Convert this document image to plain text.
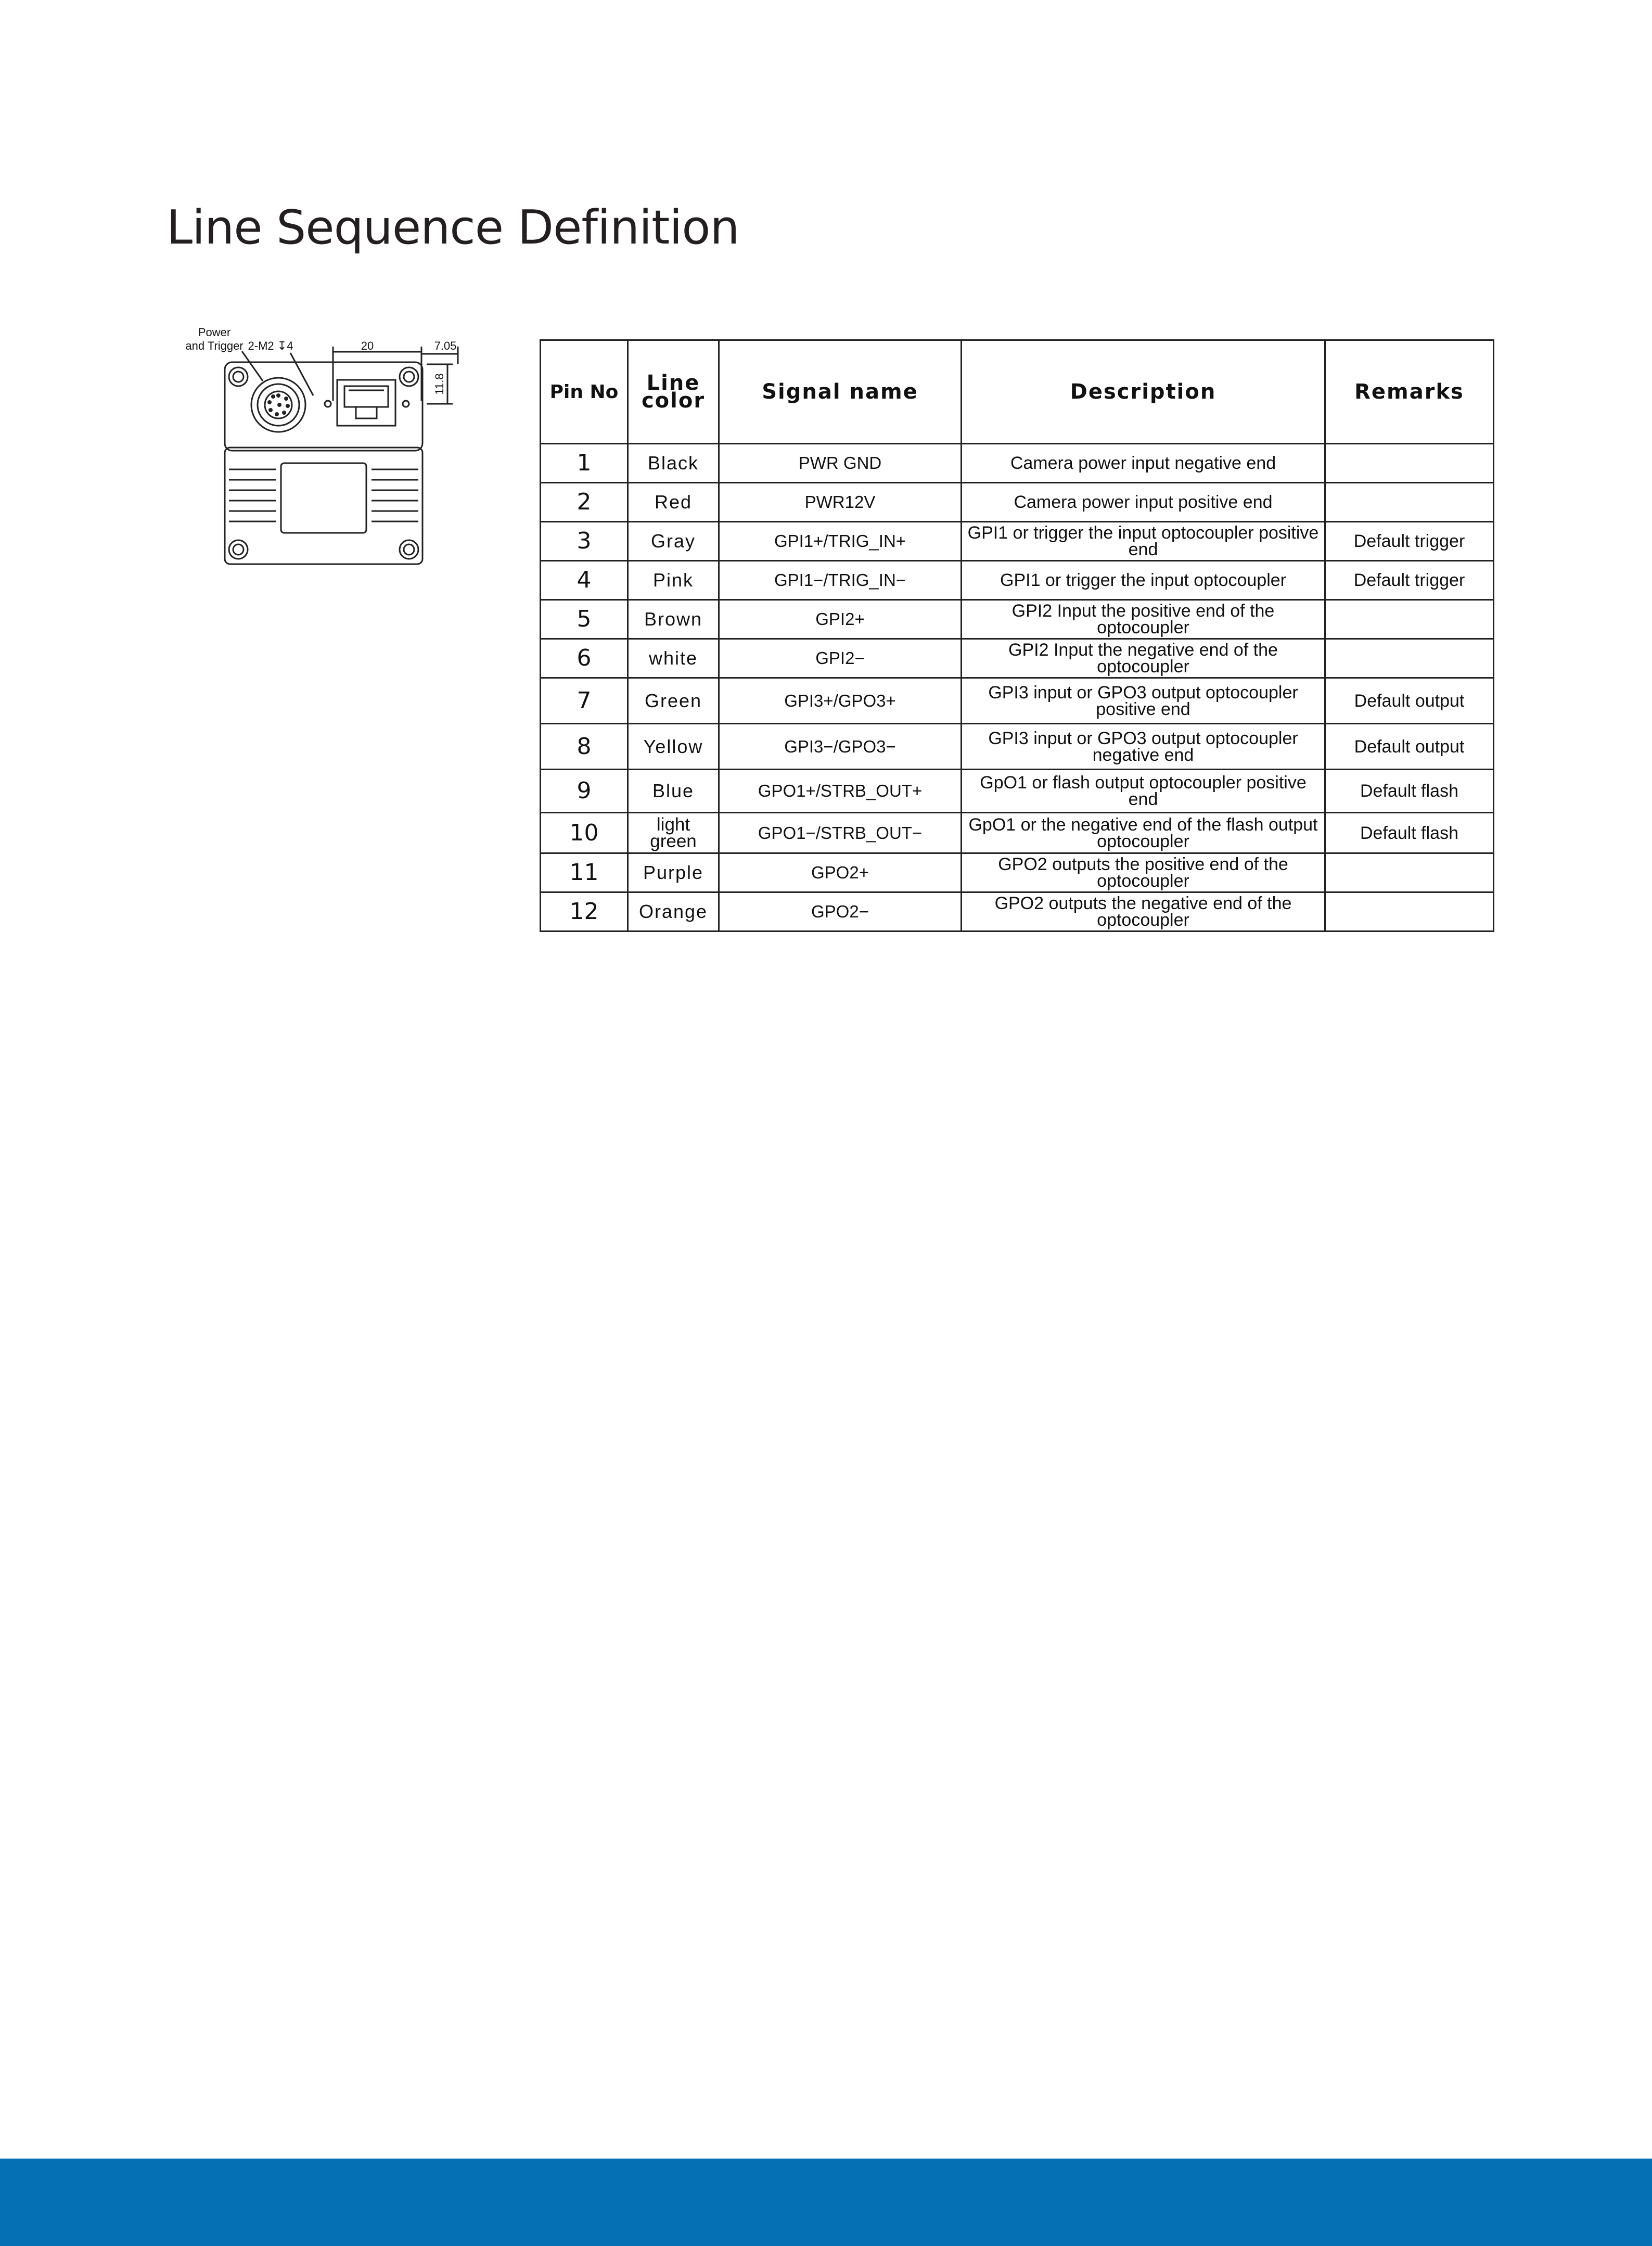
Line Sequence Definition
Power
and Trigger 2-M2 ↧4	20	7.05
11.8	Pin No	Line color	Signal name	Description	Remarks
1	Black	PWR GND	Camera power input negative end	
2	Red	PWR12V	Camera power input positive end	
3	Gray	GPI1+/TRIG_IN+	GPI1 or trigger the input optocoupler positive end	Default trigger
4	Pink	GPI1−/TRIG_IN−	GPI1 or trigger the input optocoupler	Default trigger
5	Brown	GPI2+	GPI2 Input the positive end of the optocoupler	
6	white	GPI2−	GPI2 Input the negative end of the optocoupler	
7	Green	GPI3+/GPO3+	GPI3 input or GPO3 output optocoupler positive end	Default output
8	Yellow	GPI3−/GPO3−	GPI3 input or GPO3 output optocoupler negative end	Default output
9	Blue	GPO1+/STRB_OUT+	GpO1 or flash output optocoupler positive end	Default flash
10	light green	GPO1−/STRB_OUT−	GpO1 or the negative end of the flash output optocoupler	Default flash
11	Purple	GPO2+	GPO2 outputs the positive end of the optocoupler	
12	Orange	GPO2−	GPO2 outputs the negative end of the optocoupler	
